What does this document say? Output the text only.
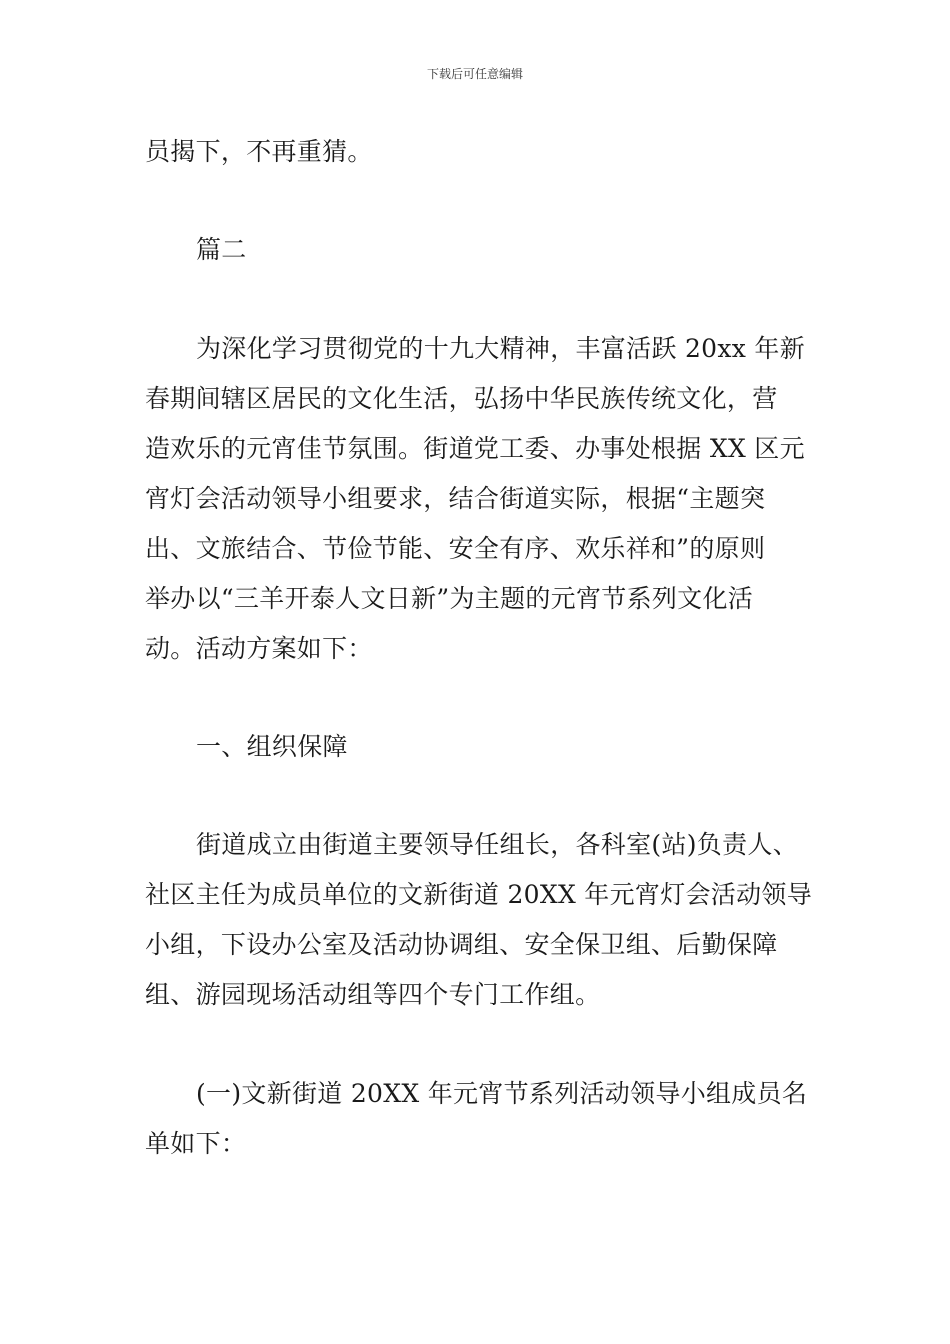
下载后可任意编辑
员揭下，不再重猜。
篇二
为深化学习贯彻党的十九大精神，丰富活跃 20xx 年新
春期间辖区居民的文化生活，弘扬中华民族传统文化，营
造欢乐的元宵佳节氛围。街道党工委、办事处根据 XX 区元
宵灯会活动领导小组要求，结合街道实际，根据“主题突
出、文旅结合、节俭节能、安全有序、欢乐祥和”的原则
举办以“三羊开泰人文日新”为主题的元宵节系列文化活
动。活动方案如下：
一、组织保障
街道成立由街道主要领导任组长，各科室(站)负责人、
社区主任为成员单位的文新街道 20XX 年元宵灯会活动领导
小组，下设办公室及活动协调组、安全保卫组、后勤保障
组、游园现场活动组等四个专门工作组。
(一)文新街道 20XX 年元宵节系列活动领导小组成员名
单如下：
